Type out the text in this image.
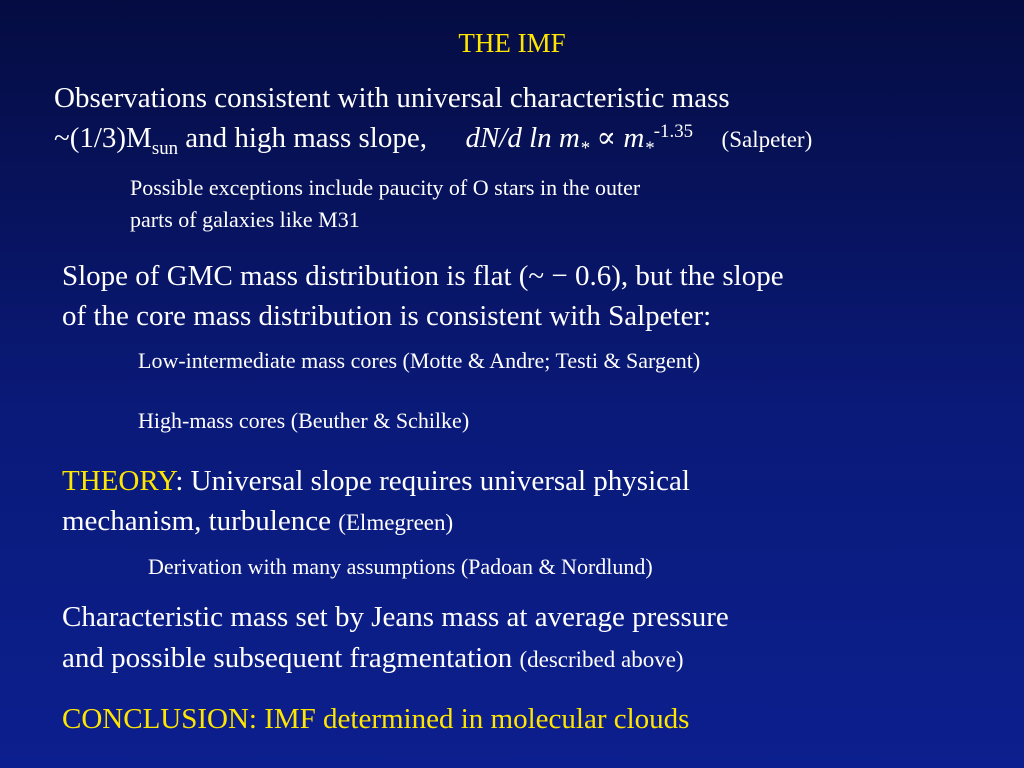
THE IMF
Observations consistent with universal characteristic mass
$\sim(1/3)M_{sun}$ and high mass slope, dN/d $\ln m_* \propto m_*^{-1.35}$ (Salpeter)
Possible exceptions include paucity of O stars in the outer
parts of galaxies like M31
Slope of GMC mass distribution is flat (~ − 0.6), but the slope
of the core mass distribution is consistent with Salpeter:
Low-intermediate mass cores (Motte & Andre; Testi & Sargent)
High-mass cores (Beuther & Schilke)
THEORY: Universal slope requires universal physical
mechanism, turbulence (Elmegreen)
Derivation with many assumptions (Padoan & Nordlund)
Characteristic mass set by Jeans mass at average pressure
and possible subsequent fragmentation (described above)
CONCLUSION: IMF determined in molecular clouds
